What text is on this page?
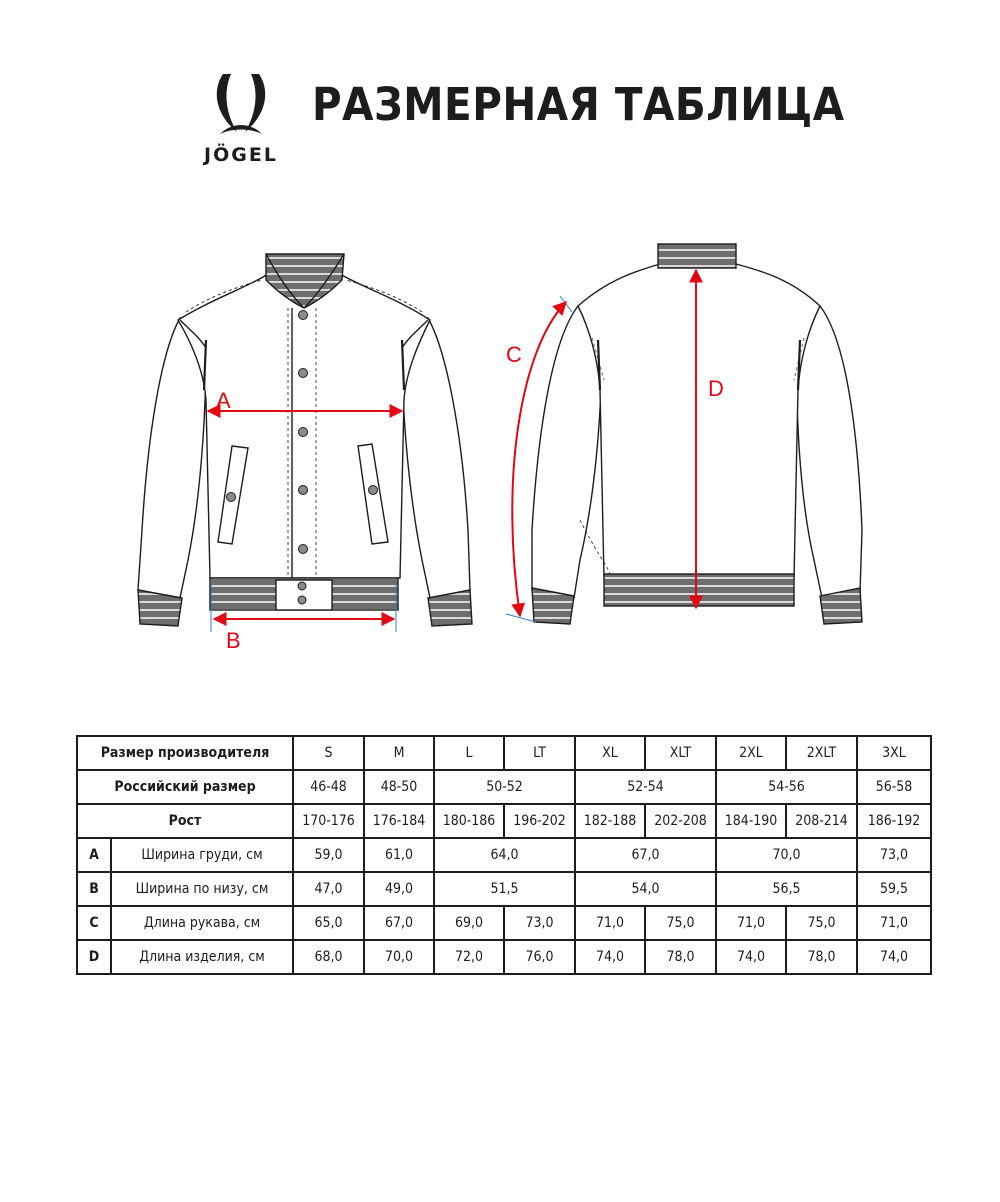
JÖGEL
РАЗМЕРНАЯ ТАБЛИЦА
A
B
C
D
Размер производителя		S	M	L	LT	XL	XLT	2XL	2XLT	3XL
Российский размер		46-48	48-50	50-52		52-54		54-56		56-58
Рост		170-176	176-184	180-186	196-202	182-188	202-208	184-190	208-214	186-192
A	Ширина груди, см	59,0	61,0	64,0		67,0		70,0		73,0
B	Ширина по низу, см	47,0	49,0	51,5		54,0		56,5		59,5
C	Длина рукава, см	65,0	67,0	69,0	73,0	71,0	75,0	71,0	75,0	71,0
D	Длина изделия, см	68,0	70,0	72,0	76,0	74,0	78,0	74,0	78,0	74,0
